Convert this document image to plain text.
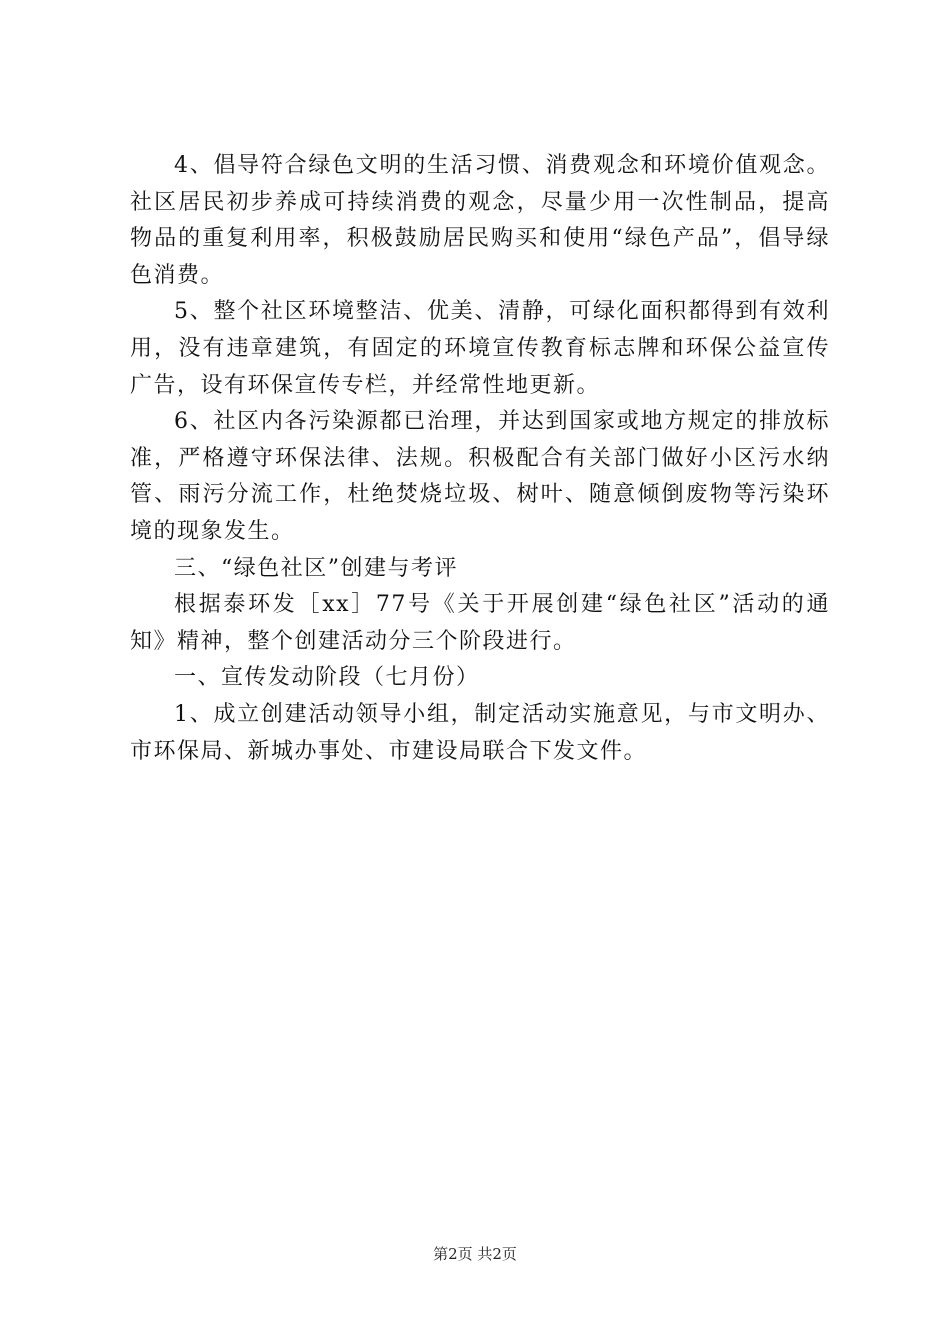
4、倡导符合绿色文明的生活习惯、消费观念和环境价值观念。社区居民初步养成可持续消费的观念，尽量少用一次性制品，提高物品的重复利用率，积极鼓励居民购买和使用“绿色产品”，倡导绿色消费。

5、整个社区环境整洁、优美、清静，可绿化面积都得到有效利用，没有违章建筑，有固定的环境宣传教育标志牌和环保公益宣传广告，设有环保宣传专栏，并经常性地更新。

6、社区内各污染源都已治理，并达到国家或地方规定的排放标准，严格遵守环保法律、法规。积极配合有关部门做好小区污水纳管、雨污分流工作，杜绝焚烧垃圾、树叶、随意倾倒废物等污染环境的现象发生。

三、“绿色社区”创建与考评

根据泰环发［xx］77号《关于开展创建“绿色社区”活动的通知》精神，整个创建活动分三个阶段进行。

一、宣传发动阶段（七月份）

1、成立创建活动领导小组，制定活动实施意见，与市文明办、市环保局、新城办事处、市建设局联合下发文件。

第2页 共2页
